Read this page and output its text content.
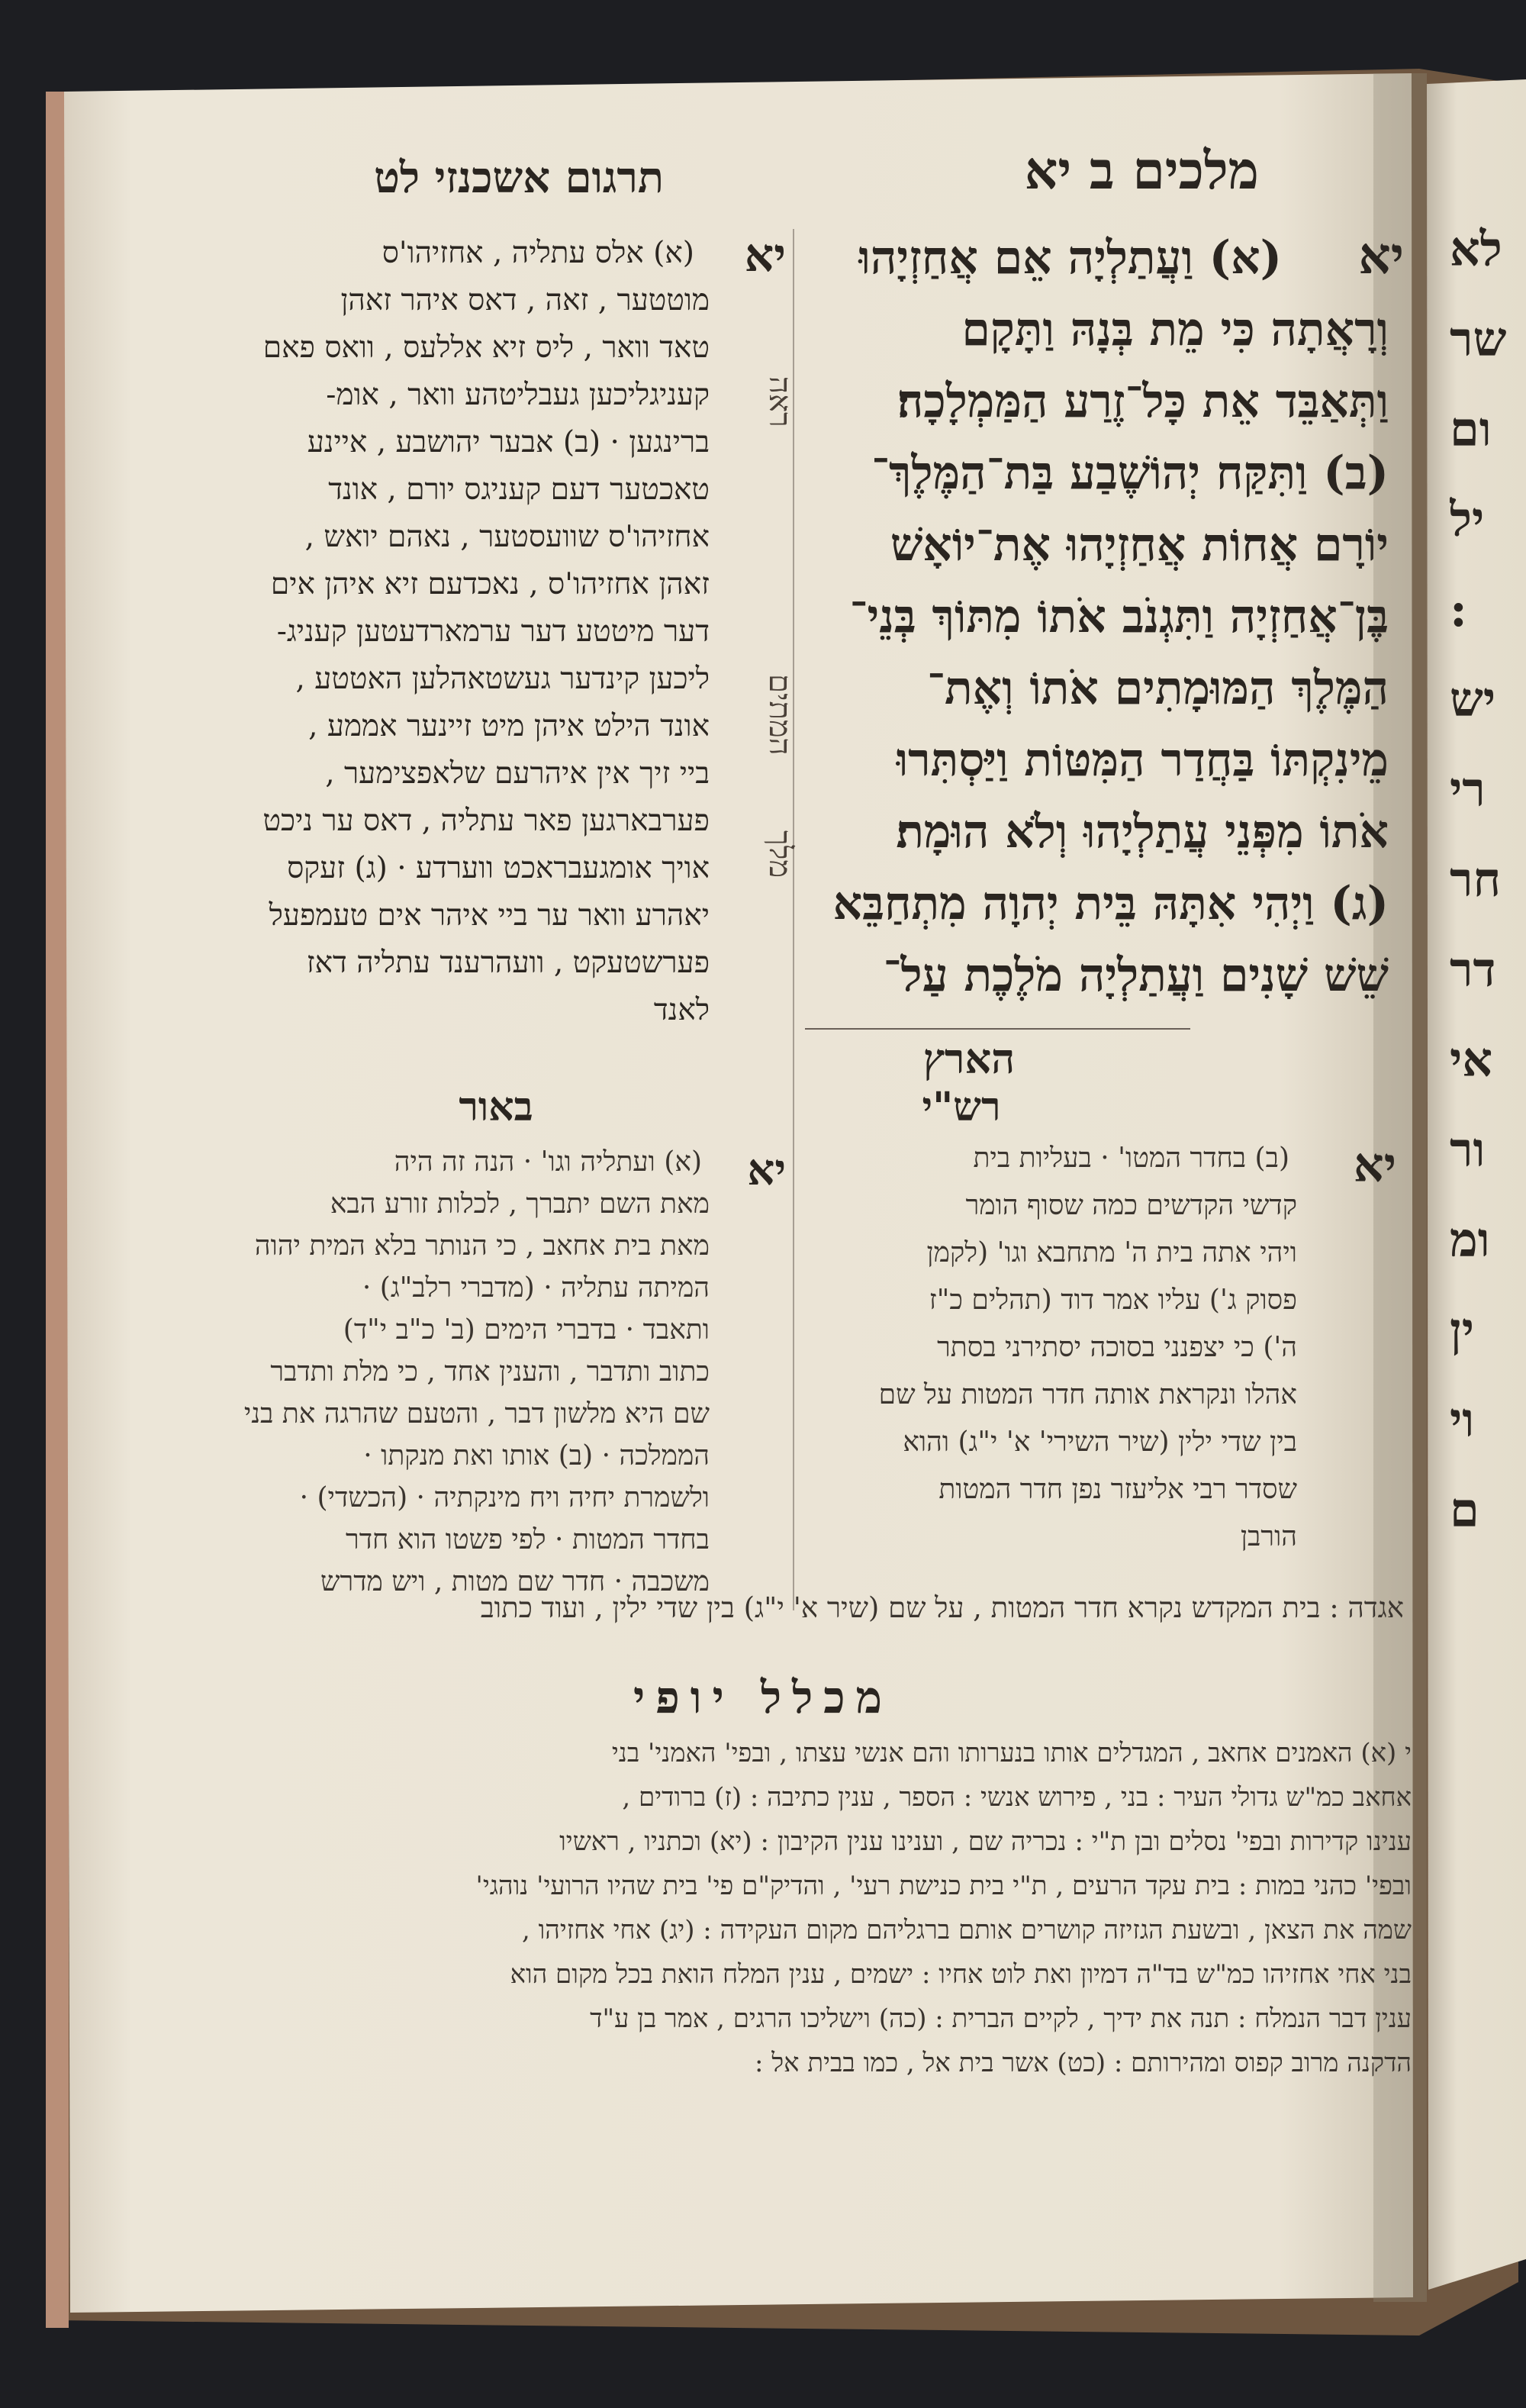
מלכים ב יא
תרגום אשכנזי לט
יא
(א) וַעֲתַלְיָה אֵם אֲחַזְיָהוּ
וְרָאֲתָה כִּי מֵת בְּנָהּ וַתָּקָם
וַתְּאַבֵּד אֵת כָּל־זֶרַע הַמַּמְלָכָה׃
(ב) וַתִּקַּח יְהוֹשֶׁבַע בַּת־הַמֶּלֶךְ־
יוֹרָם אֲחוֹת אֲחַזְיָהוּ אֶת־יוֹאָשׁ
בֶּן־אֲחַזְיָה וַתִּגְנֹב אֹתוֹ מִתּוֹךְ בְּנֵי־
הַמֶּלֶךְ הַמּוּמָתִים אֹתוֹ וְאֶת־
מֵינִקְתּוֹ בַּחֲדַר הַמִּטּוֹת וַיַּסְתִּרוּ
אֹתוֹ מִפְּנֵי עֲתַלְיָהוּ וְלֹא הוּמָת׃
(ג) וַיְהִי אִתָּהּ בֵּית יְהוָה מִתְחַבֵּא
שֵׁשׁ שָׁנִים וַעֲתַלְיָה מֹלֶכֶת עַל־
הארץ
ראה
המתים
מלך
יא
(א) אלס עתליה , אחזיהו'ס
מוטטער , זאה , דאס איהר זאהן
טאד וואר , ליס זיא אללעס , וואס פאם
קעניגליכען געבליטהע וואר , אומ-
ברינגען · (ב) אבער יהושבע , איינע
טאכטער דעם קעניגס יורם , אונד
אחזיהו'ס שוועסטער , נאהם יואש ,
זאהן אחזיהו'ס , נאכדעם זיא איהן אים
דער מיטטע דער ערמארדעטען קעניג-
ליכען קינדער געשטאהלען האטטע ,
אונד הילט איהן מיט זיינער אממע ,
ביי זיך אין איהרעם שלאפצימער ,
פערבארגען פאר עתליה , דאס ער ניכט
אויך אומגעבראכט ווערדע · (ג) זעקס
יאהרע וואר ער ביי איהר אים טעמפעל
פערשטעקט , וועהרענד עתליה דאז
לאנד
רש"י
יא
(ב) בחדר המטו' · בעליות בית
קדשי הקדשים כמה שסוף הומר
ויהי אתה בית ה' מתחבא וגו' (לקמן
פסוק ג') עליו אמר דוד (תהלים כ"ז
ה') כי יצפנני בסוכה יסתירני בסתר
אהלו ונקראת אותה חדר המטות על שם
בין שדי ילין (שיר השירי' א' י"ג) והוא
שסדר רבי אליעזר נפן חדר המטות
הורבן
באור
יא
(א) ועתליה וגו' · הנה זה היה
מאת השם יתברך , לכלות זורע הבא
מאת בית אחאב , כי הנותר בלא המית יהוה
המיתה עתליה · (מדברי רלב"ג) ·
ותאבד · בדברי הימים (ב' כ"ב י"ד)
כתוב ותדבר , והענין אחד , כי מלת ותדבר
שם היא מלשון דבר , והטעם שהרגה את בני
הממלכה · (ב) אותו ואת מנקתו ·
ולשמרת יחיה ויח מינקתיה · (הכשדי) ·
בחדר המטות · לפי פשטו הוא חדר
משכבה · חדר שם מטות , ויש מדרש
אגדה : בית המקדש נקרא חדר המטות , על שם (שיר א' י"ג) בין שדי ילין , ועוד כתוב
מכלל יופי
י (א) האמנים אחאב , המגדלים אותו בנערותו והם אנשי עצתו , ובפי' האמני' בני
אחאב כמ"ש גדולי העיר : בני , פירוש אנשי : הספר , ענין כתיבה : (ז) ברודים ,
ענינו קדירות ובפי' נסלים ובן ת"י : נכריה שם , וענינו ענין הקיבון : (יא) וכתניו , ראשיו
ובפי' כהני במות : בית עקד הרעים , ת"י בית כנישת רעי' , והדיק"ם פי' בית שהיו הרועי' נוהגי'
שמה את הצאן , ובשעת הגזיזה קושרים אותם ברגליהם מקום העקידה : (יג) אחי אחזיהו ,
בני אחי אחזיהו כמ"ש בד"ה דמיון ואת לוט אחיו : ישמים , ענין המלח הואת בכל מקום הוא
ענין דבר הנמלח : תנה את ידיך , לקיים הברית : (כה) וישליכו הרגים , אמר בן ע"ד
הדקנה מרוב קפוס ומהירותם : (כט) אשר בית אל , כמו בבית אל :
לא
שר
ום
יל
:
יש
רי
חר
דר
אי
ור
ומ
ין
וי
ם
